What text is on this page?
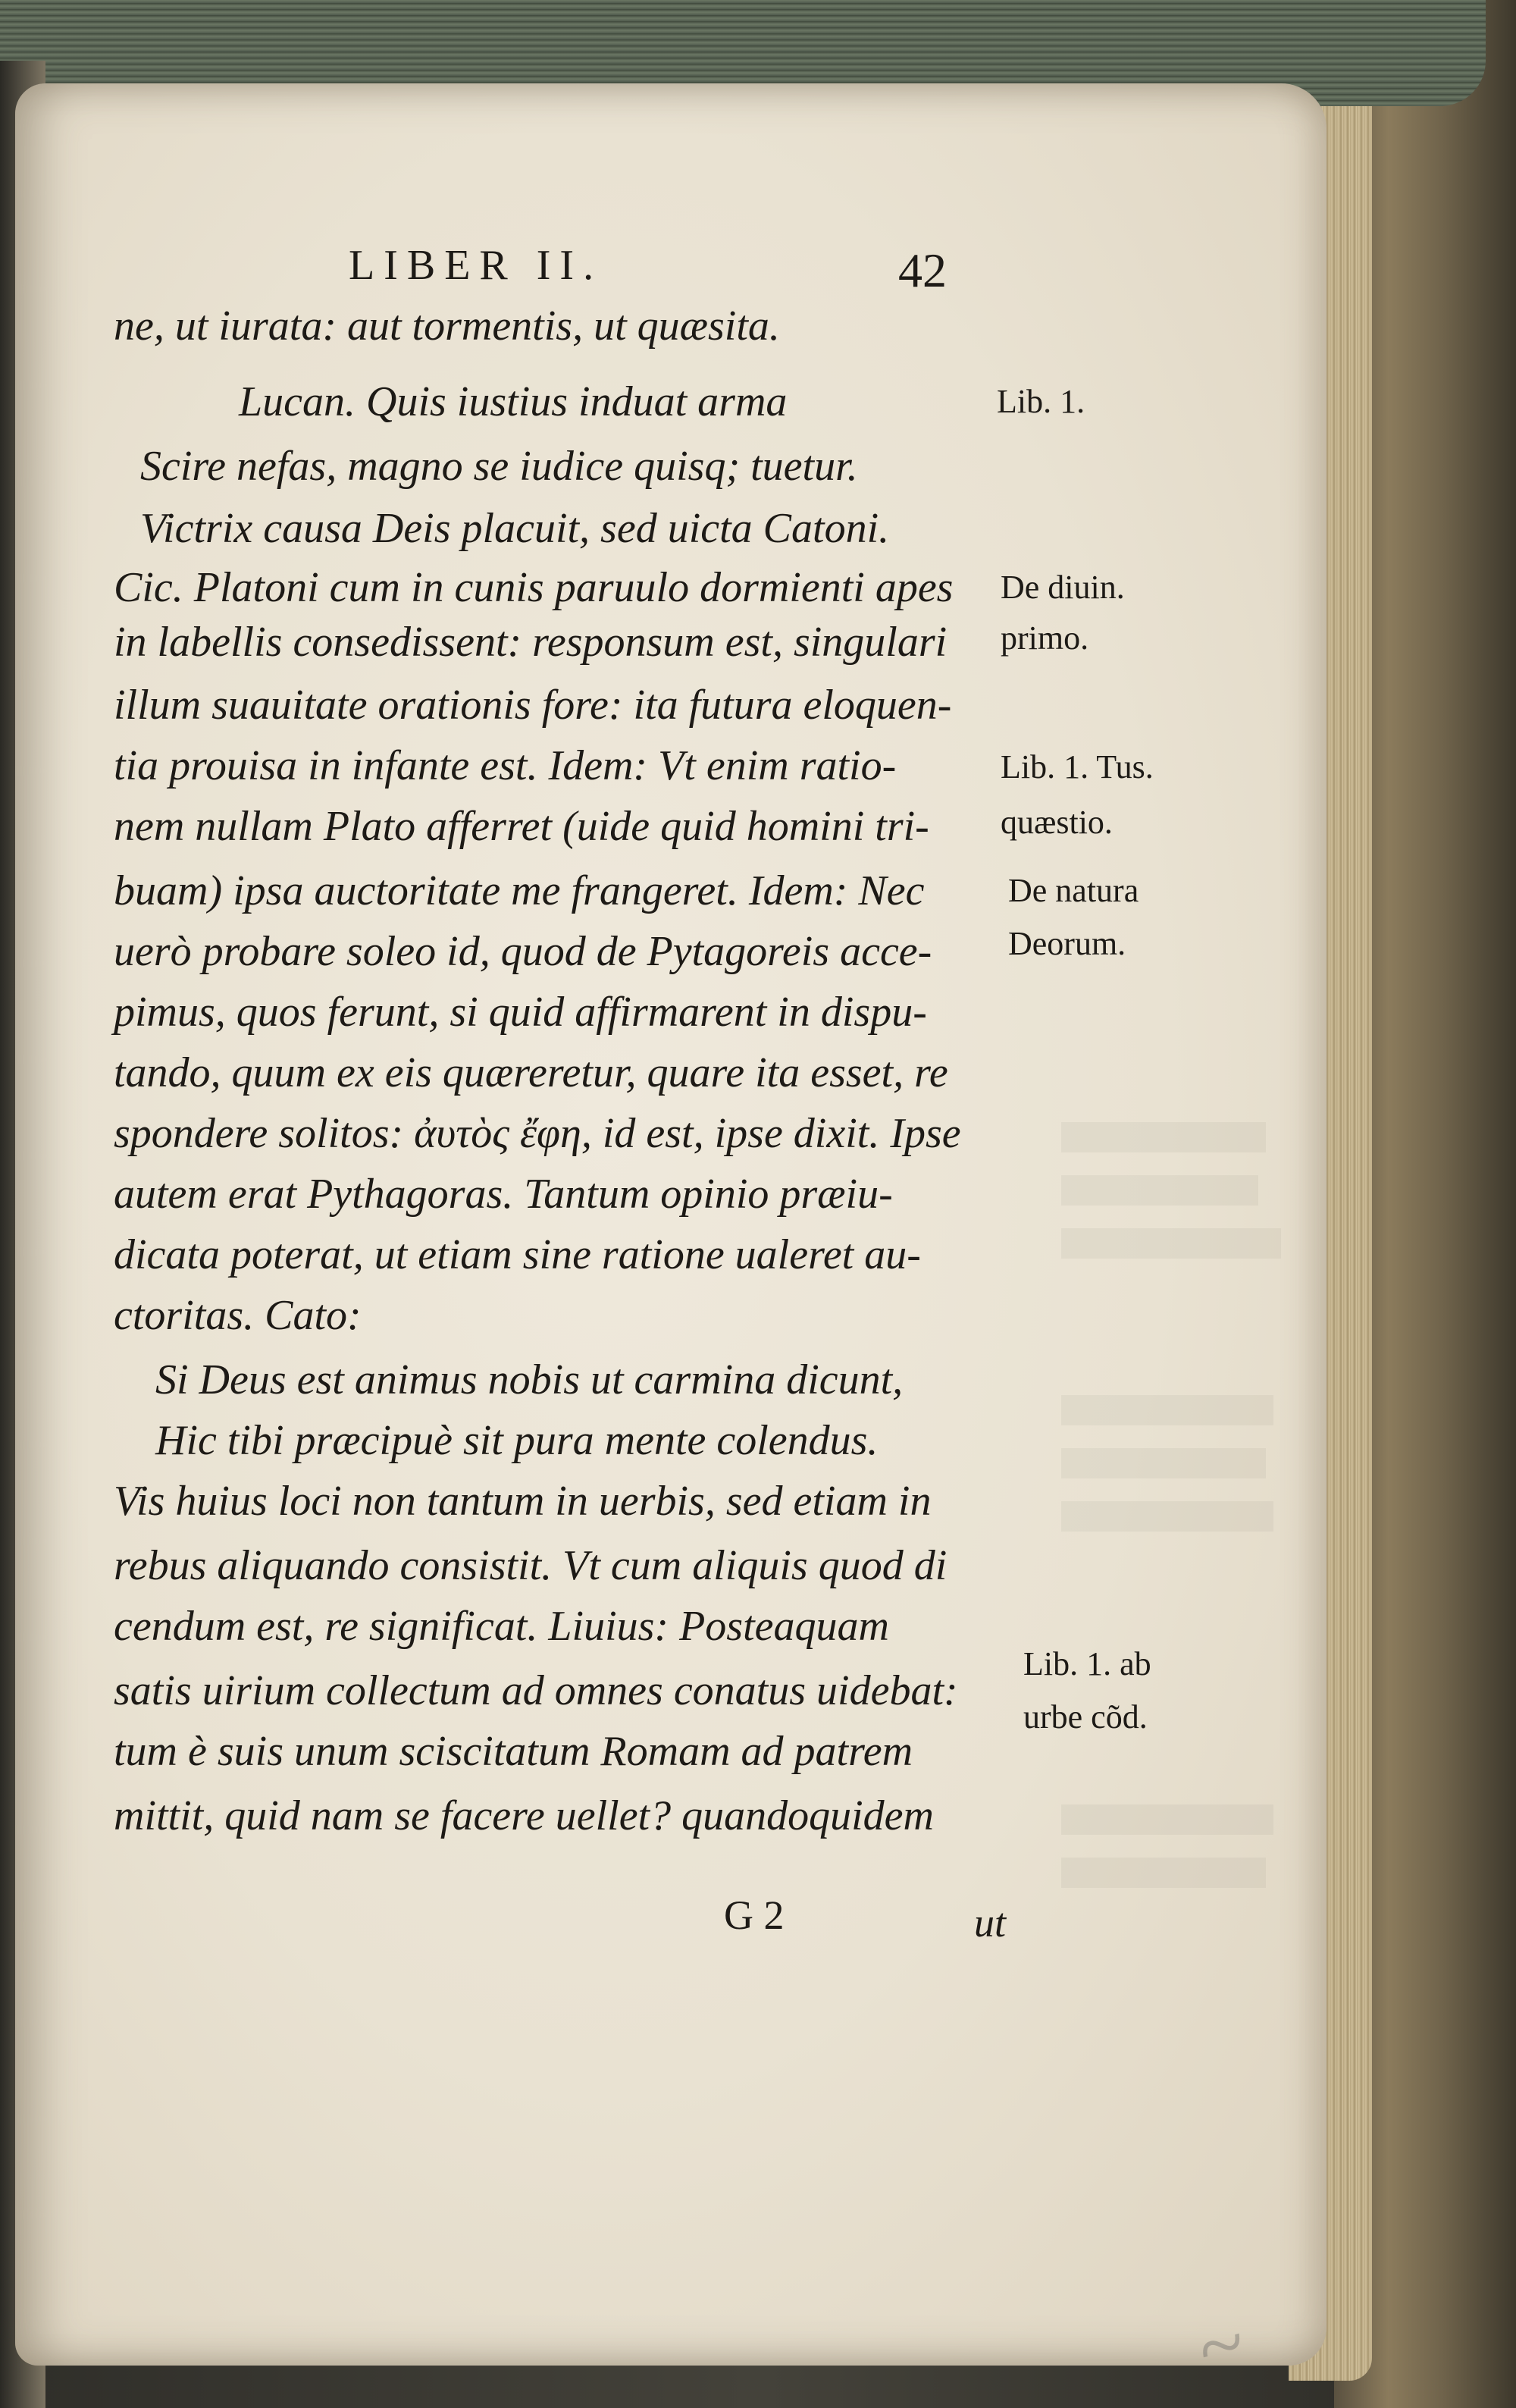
~
LIBER II.	42
ne, ut iurata: aut tormentis, ut quæsita.
Lucan. Quis iustius induat arma
Scire nefas, magno se iudice quisq; tuetur.
Victrix causa Deis placuit, sed uicta Catoni.
Cic. Platoni cum in cunis paruulo dormienti apes
in labellis consedissent: responsum est, singulari
illum suauitate orationis fore: ita futura eloquen-
tia prouisa in infante est. Idem: Vt enim ratio-
nem nullam Plato afferret (uide quid homini tri-
buam) ipsa auctoritate me frangeret. Idem: Nec
uerò probare soleo id, quod de Pytagoreis acce-
pimus, quos ferunt, si quid affirmarent in dispu-
tando, quum ex eis quæreretur, quare ita esset, re
spondere solitos: ἀυτὸς ἔφη, id est, ipse dixit. Ipse
autem erat Pythagoras. Tantum opinio præiu-
dicata poterat, ut etiam sine ratione ualeret au-
ctoritas. Cato:
Si Deus est animus nobis ut carmina dicunt,
Hic tibi præcipuè sit pura mente colendus.
Vis huius loci non tantum in uerbis, sed etiam in
rebus aliquando consistit. Vt cum aliquis quod di
cendum est, re significat. Liuius: Posteaquam
satis uirium collectum ad omnes conatus uidebat:
tum è suis unum sciscitatum Romam ad patrem
mittit, quid nam se facere uellet? quandoquidem
Lib. 1.
De diuin.
primo.
Lib. 1. Tus.
quæstio.
De natura
Deorum.
Lib. 1. ab
urbe cõd.
G 2	ut
